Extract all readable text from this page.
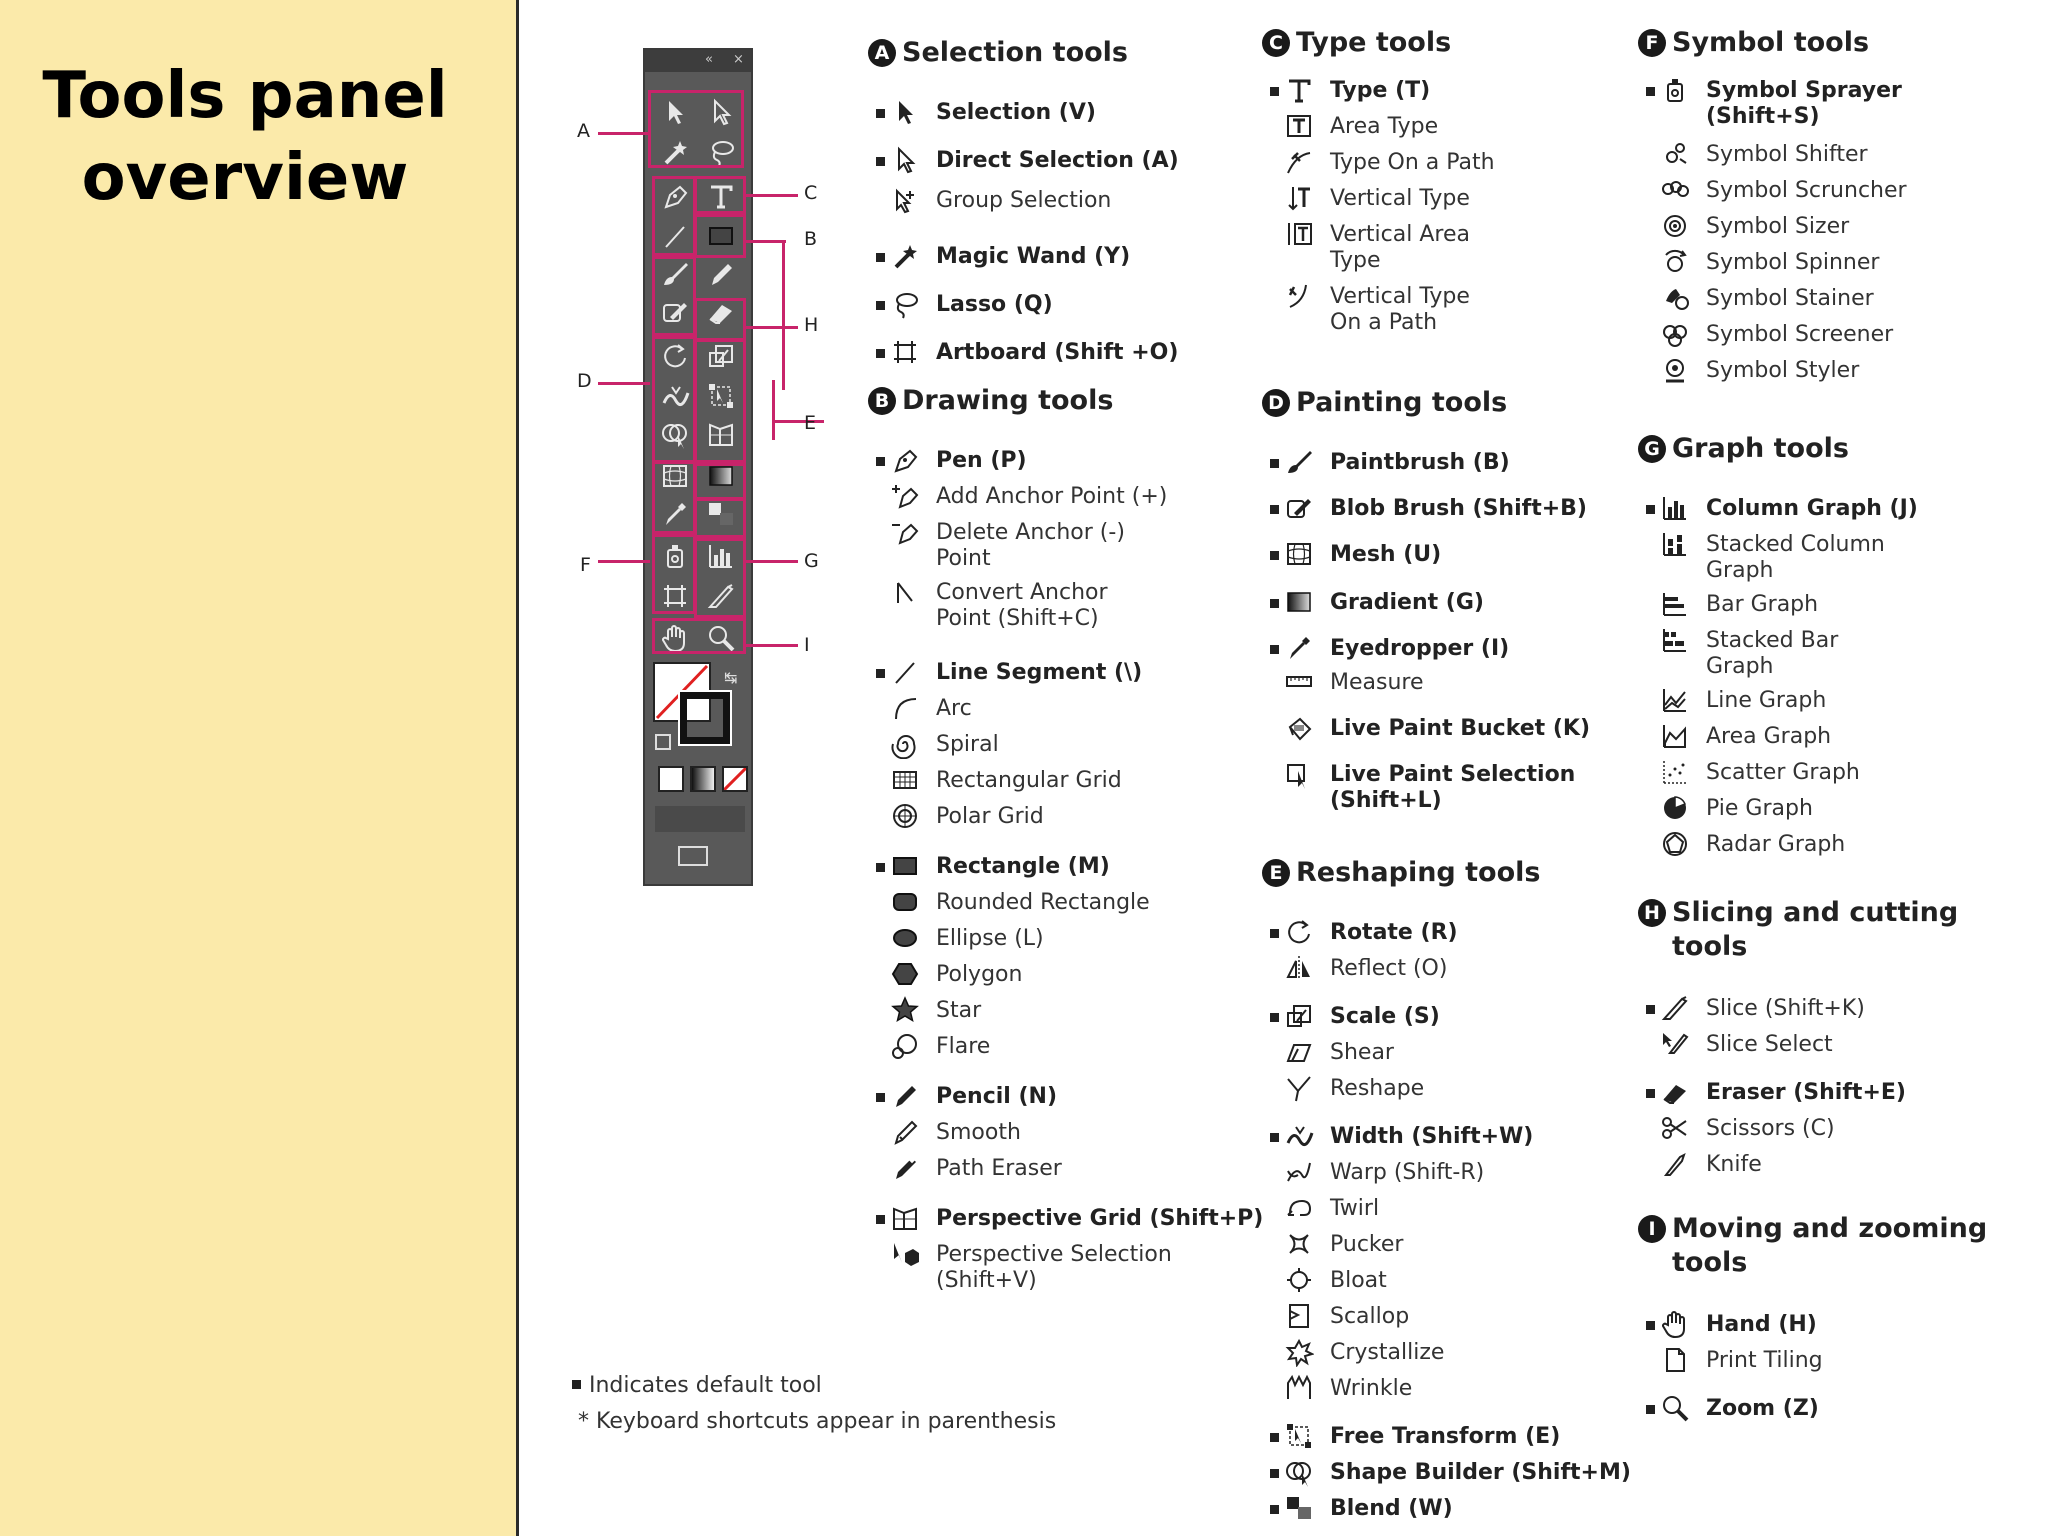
Tools panel
overview
« ×
↹
A
C
B
H
D
E
F	G
I
A Selection tools
Selection (V)
Direct Selection (A)
Group Selection
Magic Wand (Y)
Lasso (Q)
Artboard (Shift +O)
B Drawing tools
Pen (P)
Add Anchor Point (+)
Delete Anchor (-)
Point
Convert Anchor
Point (Shift+C)
Line Segment (\)
Arc
Spiral
Rectangular Grid
Polar Grid
Rectangle (M)
Rounded Rectangle
Ellipse (L)
Polygon
Star
Flare
Pencil (N)
Smooth
Path Eraser
Perspective Grid (Shift+P)
Perspective Selection
(Shift+V)
C Type tools
Type (T)
Area Type
Type On a Path
Vertical Type
Vertical Area
Type
Vertical Type
On a Path
D Painting tools
Paintbrush (B)
Blob Brush (Shift+B)
Mesh (U)
Gradient (G)
Eyedropper (I)
Measure
Live Paint Bucket (K)
Live Paint Selection
(Shift+L)
E Reshaping tools
Rotate (R)
Reflect (O)
Scale (S)
Shear
Reshape
Width (Shift+W)
Warp (Shift-R)
Twirl
Pucker
Bloat
Scallop
Crystallize
Wrinkle
Free Transform (E)
Shape Builder (Shift+M)
Blend (W)
F Symbol tools
Symbol Sprayer
(Shift+S)
Symbol Shifter
Symbol Scruncher
Symbol Sizer
Symbol Spinner
Symbol Stainer
Symbol Screener
Symbol Styler
G Graph tools
Column Graph (J)
Stacked Column
Graph
Bar Graph
Stacked Bar
Graph
Line Graph
Area Graph
Scatter Graph
Pie Graph
Radar Graph
H Slicing and cutting
tools
Slice (Shift+K)
Slice Select
Eraser (Shift+E)
Scissors (C)
Knife
I Moving and zooming
tools
Hand (H)
Print Tiling
Zoom (Z)
Indicates default tool
* Keyboard shortcuts appear in parenthesis
